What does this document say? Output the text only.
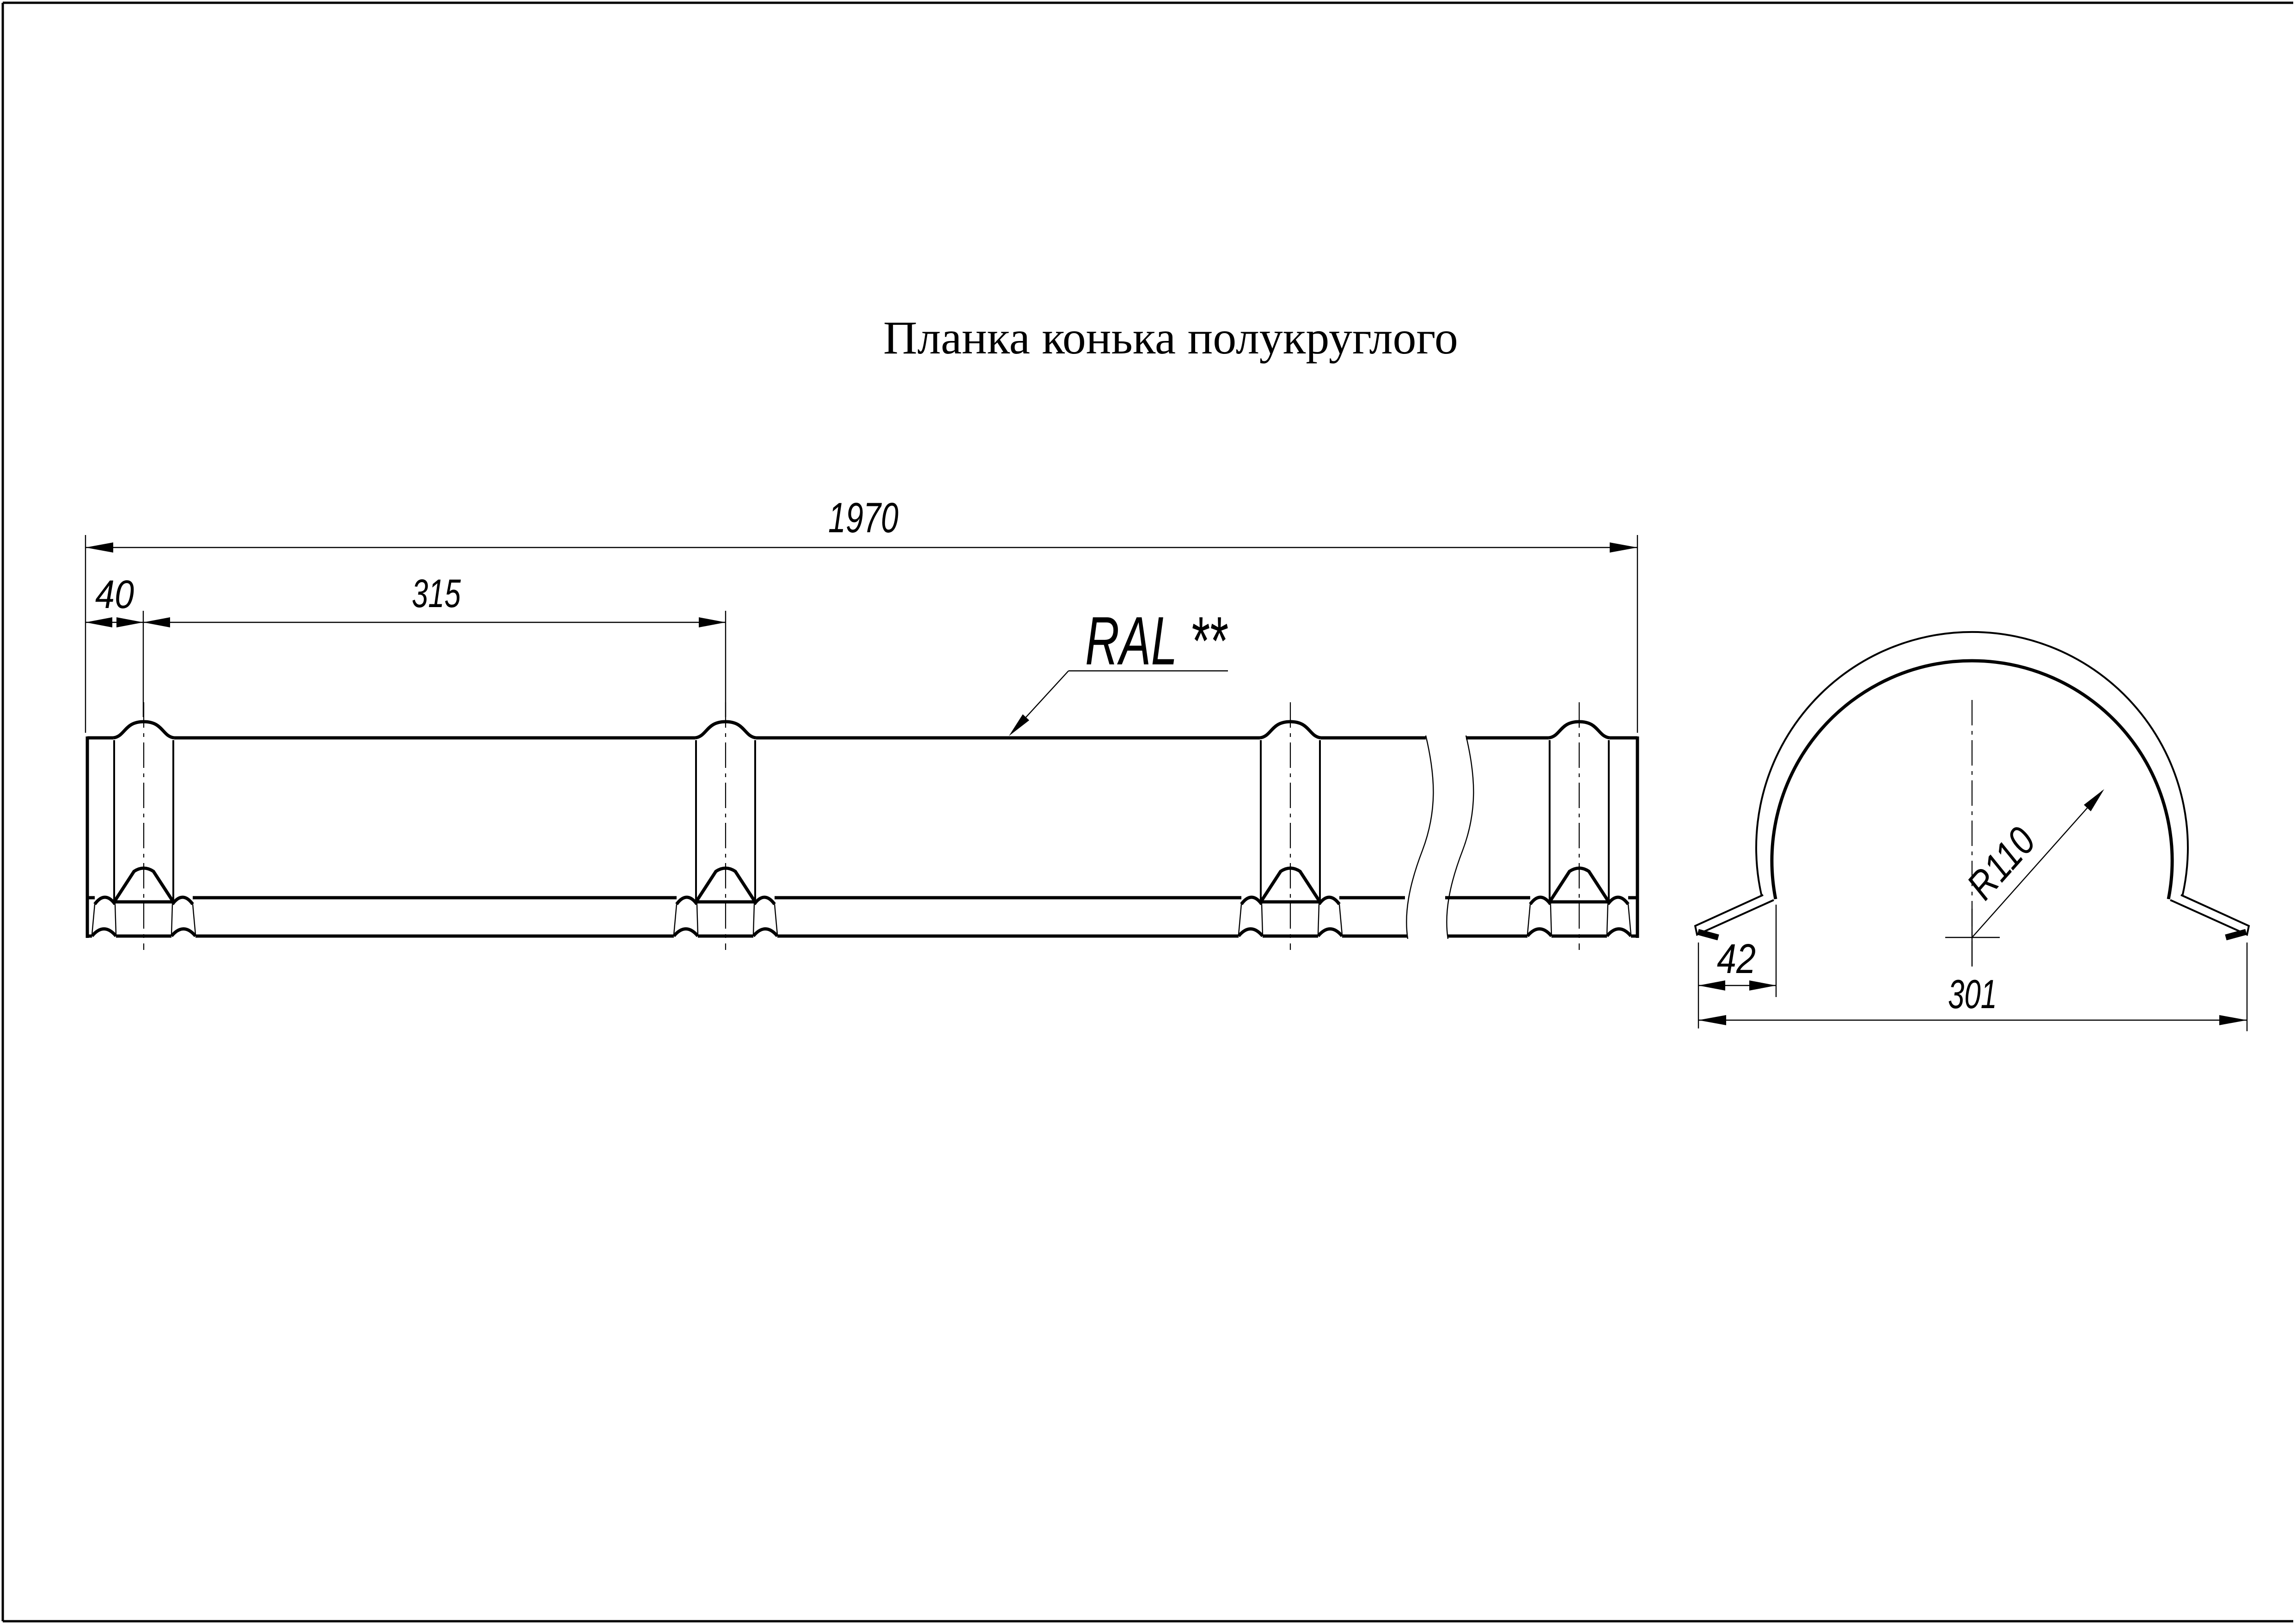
Планка конька полукруглого
1970
40	315
RAL **
R110
42
301
